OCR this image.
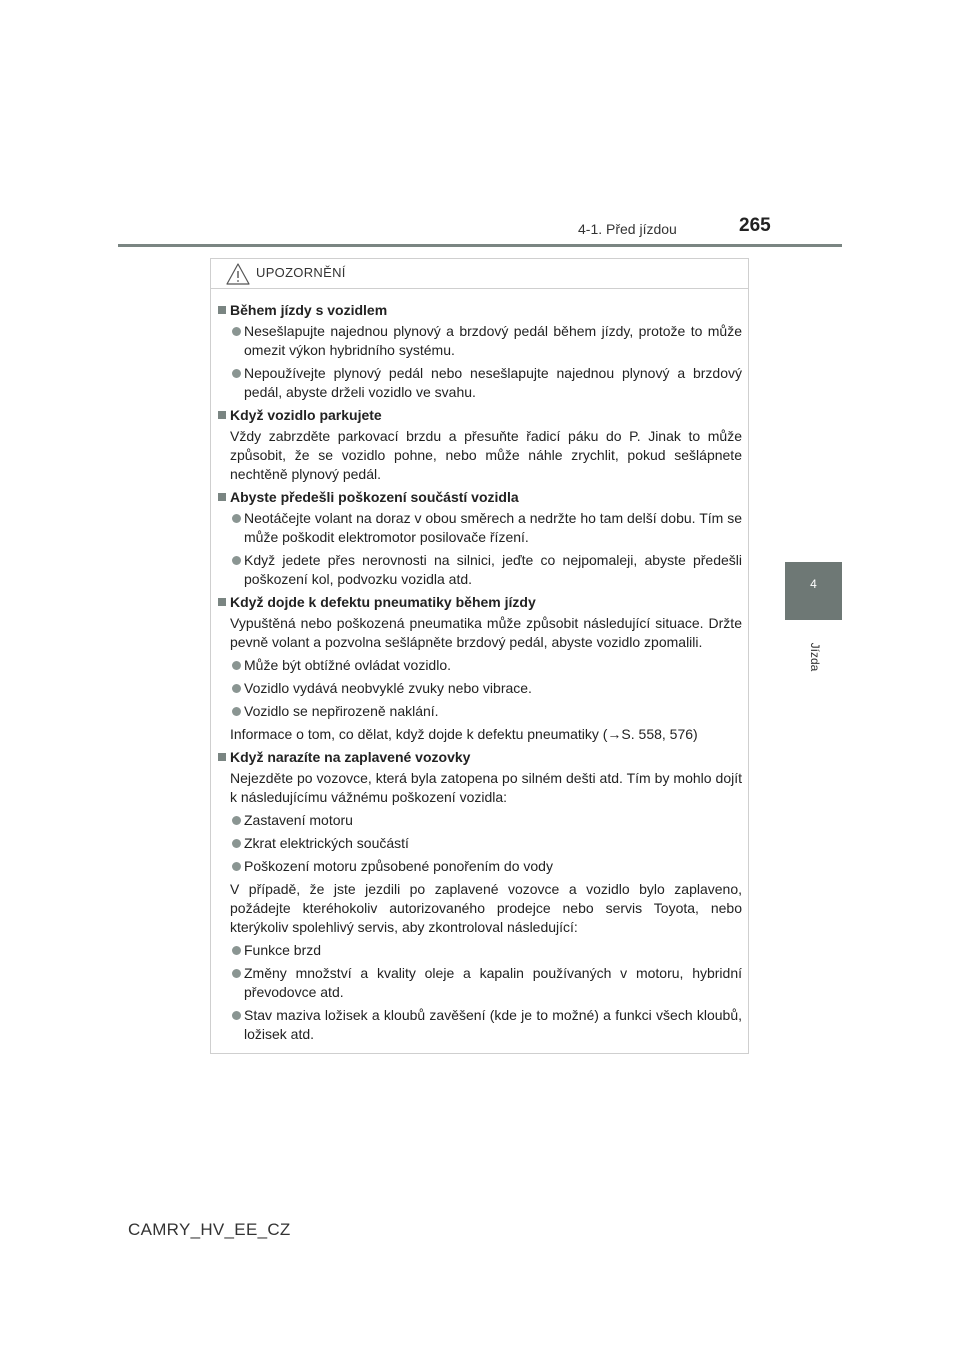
4-1. Před jízdou	265
4
Jízda
UPOZORNĚNÍ
Během jízdy s vozidlem
Nesešlapujte najednou plynový a brzdový pedál během jízdy, protože to může omezit výkon hybridního systému.
Nepoužívejte plynový pedál nebo nesešlapujte najednou plynový a brzdový pedál, abyste drželi vozidlo ve svahu.
Když vozidlo parkujete
Vždy zabrzděte parkovací brzdu a přesuňte řadicí páku do P. Jinak to může způsobit, že se vozidlo pohne, nebo může náhle zrychlit, pokud sešlápnete nechtěně plynový pedál.
Abyste předešli poškození součástí vozidla
Neotáčejte volant na doraz v obou směrech a nedržte ho tam delší dobu. Tím se může poškodit elektromotor posilovače řízení.
Když jedete přes nerovnosti na silnici, jeďte co nejpomaleji, abyste předešli poškození kol, podvozku vozidla atd.
Když dojde k defektu pneumatiky během jízdy
Vypuštěná nebo poškozená pneumatika může způsobit následující situace. Držte pevně volant a pozvolna sešlápněte brzdový pedál, abyste vozidlo zpomalili.
Může být obtížné ovládat vozidlo.
Vozidlo vydává neobvyklé zvuky nebo vibrace.
Vozidlo se nepřirozeně naklání.
Informace o tom, co dělat, když dojde k defektu pneumatiky (→S. 558, 576)
Když narazíte na zaplavené vozovky
Nejezděte po vozovce, která byla zatopena po silném dešti atd. Tím by mohlo dojít k následujícímu vážnému poškození vozidla:
Zastavení motoru
Zkrat elektrických součástí
Poškození motoru způsobené ponořením do vody
V případě, že jste jezdili po zaplavené vozovce a vozidlo bylo zaplaveno, požádejte kteréhokoliv autorizovaného prodejce nebo servis Toyota, nebo kterýkoliv spolehlivý servis, aby zkontroloval následující:
Funkce brzd
Změny množství a kvality oleje a kapalin používaných v motoru, hybridní převodovce atd.
Stav maziva ložisek a kloubů zavěšení (kde je to možné) a funkci všech kloubů, ložisek atd.
CAMRY_HV_EE_CZ
